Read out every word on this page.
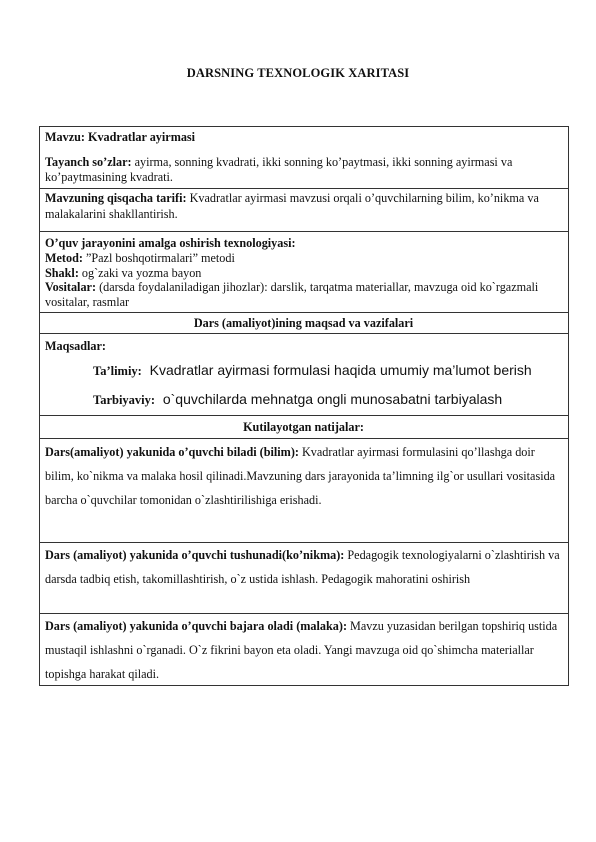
DARSNING TEXNOLOGIK XARITASI
Mavzu: Kvadratlar ayirmasi
Tayanch so’zlar: ayirma, sonning kvadrati, ikki sonning ko’paytmasi, ikki sonning ayirmasi va ko’paytmasining kvadrati.
Mavzuning qisqacha tarifi: Kvadratlar ayirmasi mavzusi orqali o’quvchilarning bilim, ko’nikma va malakalarini shakllantirish.
O’quv jarayonini amalga oshirish texnologiyasi:
Metod: ”Pazl boshqotirmalari” metodi
Shakl: og`zaki va yozma bayon
Vositalar: (darsda foydalaniladigan jihozlar): darslik, tarqatma materiallar, mavzuga oid ko`rgazmali vositalar, rasmlar
Dars (amaliyot)ining maqsad va vazifalari
Maqsadlar:
Ta’limiy: Kvadratlar ayirmasi formulasi haqida umumiy ma’lumot berish
Tarbiyaviy: o`quvchilarda mehnatga ongli munosabatni tarbiyalash
Kutilayotgan natijalar:
Dars(amaliyot) yakunida o’quvchi biladi (bilim): Kvadratlar ayirmasi formulasini qo’llashga doir bilim, ko`nikma va malaka hosil qilinadi.Mavzuning dars jarayonida ta’limning ilg`or usullari vositasida barcha o`quvchilar tomonidan o`zlashtirilishiga erishadi.
Dars (amaliyot) yakunida o’quvchi tushunadi(ko’nikma): Pedagogik texnologiyalarni o`zlashtirish va darsda tadbiq etish, takomillashtirish, o`z ustida ishlash. Pedagogik mahoratini oshirish
Dars (amaliyot) yakunida o’quvchi bajara oladi (malaka): Mavzu yuzasidan berilgan topshiriq ustida mustaqil ishlashni o`rganadi. O`z fikrini bayon eta oladi. Yangi mavzuga oid qo`shimcha materiallar topishga harakat qiladi.
